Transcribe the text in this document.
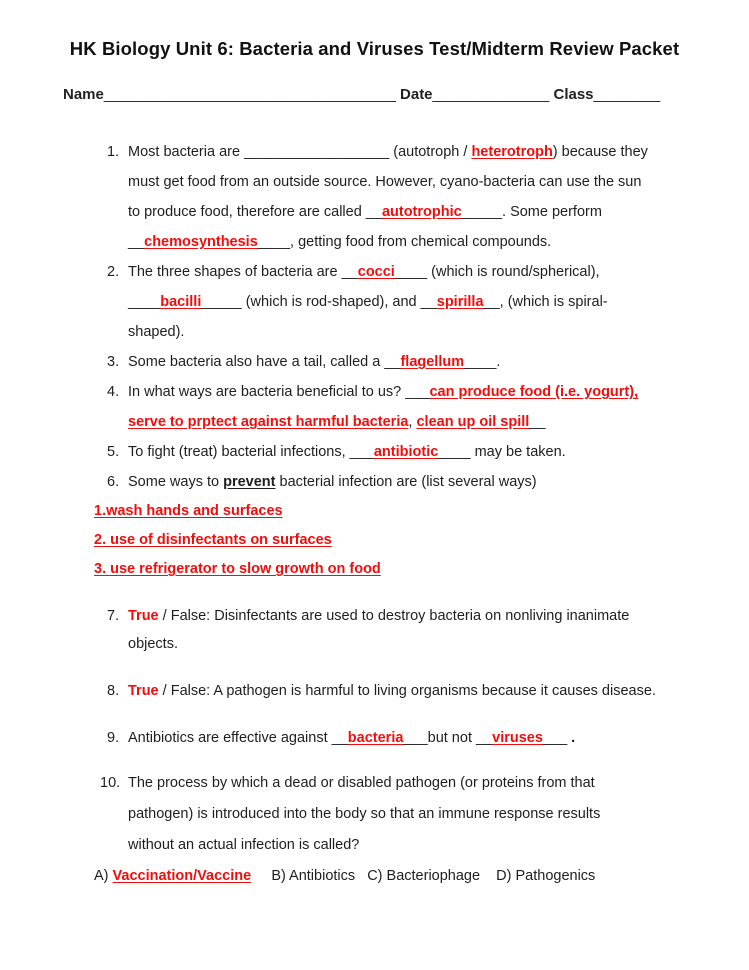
HK Biology Unit 6: Bacteria and Viruses Test/Midterm Review Packet
Name___________________________________ Date______________ Class________
1. Most bacteria are __________________ (autotroph / heterotroph) because they
must get food from an outside source. However, cyano-bacteria can use the sun
to produce food, therefore are called __autotrophic_____. Some perform
__chemosynthesis____, getting food from chemical compounds.
2. The three shapes of bacteria are __cocci____ (which is round/spherical),
____bacilli_____ (which is rod-shaped), and __spirilla__, (which is spiral-
shaped).
3. Some bacteria also have a tail, called a __flagellum____.
4. In what ways are bacteria beneficial to us? ___can produce food (i.e. yogurt),
serve to prptect against harmful bacteria, clean up oil spill__
5. To fight (treat) bacterial infections, ___antibiotic____ may be taken.
6. Some ways to prevent bacterial infection are (list several ways)
1.wash hands and surfaces
2. use of disinfectants on surfaces
3. use refrigerator to slow growth on food
7. True / False: Disinfectants are used to destroy bacteria on nonliving inanimate
objects.
8. True / False: A pathogen is harmful to living organisms because it causes disease.
9. Antibiotics are effective against __bacteria___but not __viruses___ .
10. The process by which a dead or disabled pathogen (or proteins from that
pathogen) is introduced into the body so that an immune response results
without an actual infection is called?
A) Vaccination/Vaccine     B) Antibiotics   C) Bacteriophage    D) Pathogenics
